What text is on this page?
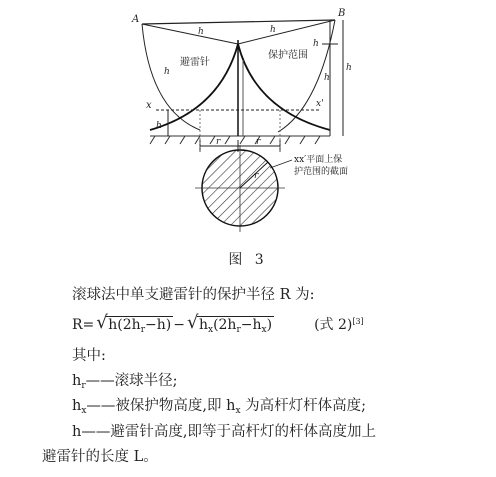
A
B
h	h
h
h
h
h
避雷针
保护范围
x	x'
h
r	r
xx′平面上保
护范围的截面
r
图 3
滚球法中单支避雷针的保护半径 R 为:
R= √ $h(2h_r-h)$ − √ $h_x(2h_r-h_x)$	(式 2)[3]
其中:
$h_r——$滚球半径;
$h_x——$被保护物高度,即 $h_x$ 为高杆灯杆体高度;
h——避雷针高度,即等于高杆灯的杆体高度加上
避雷针的长度 L。
